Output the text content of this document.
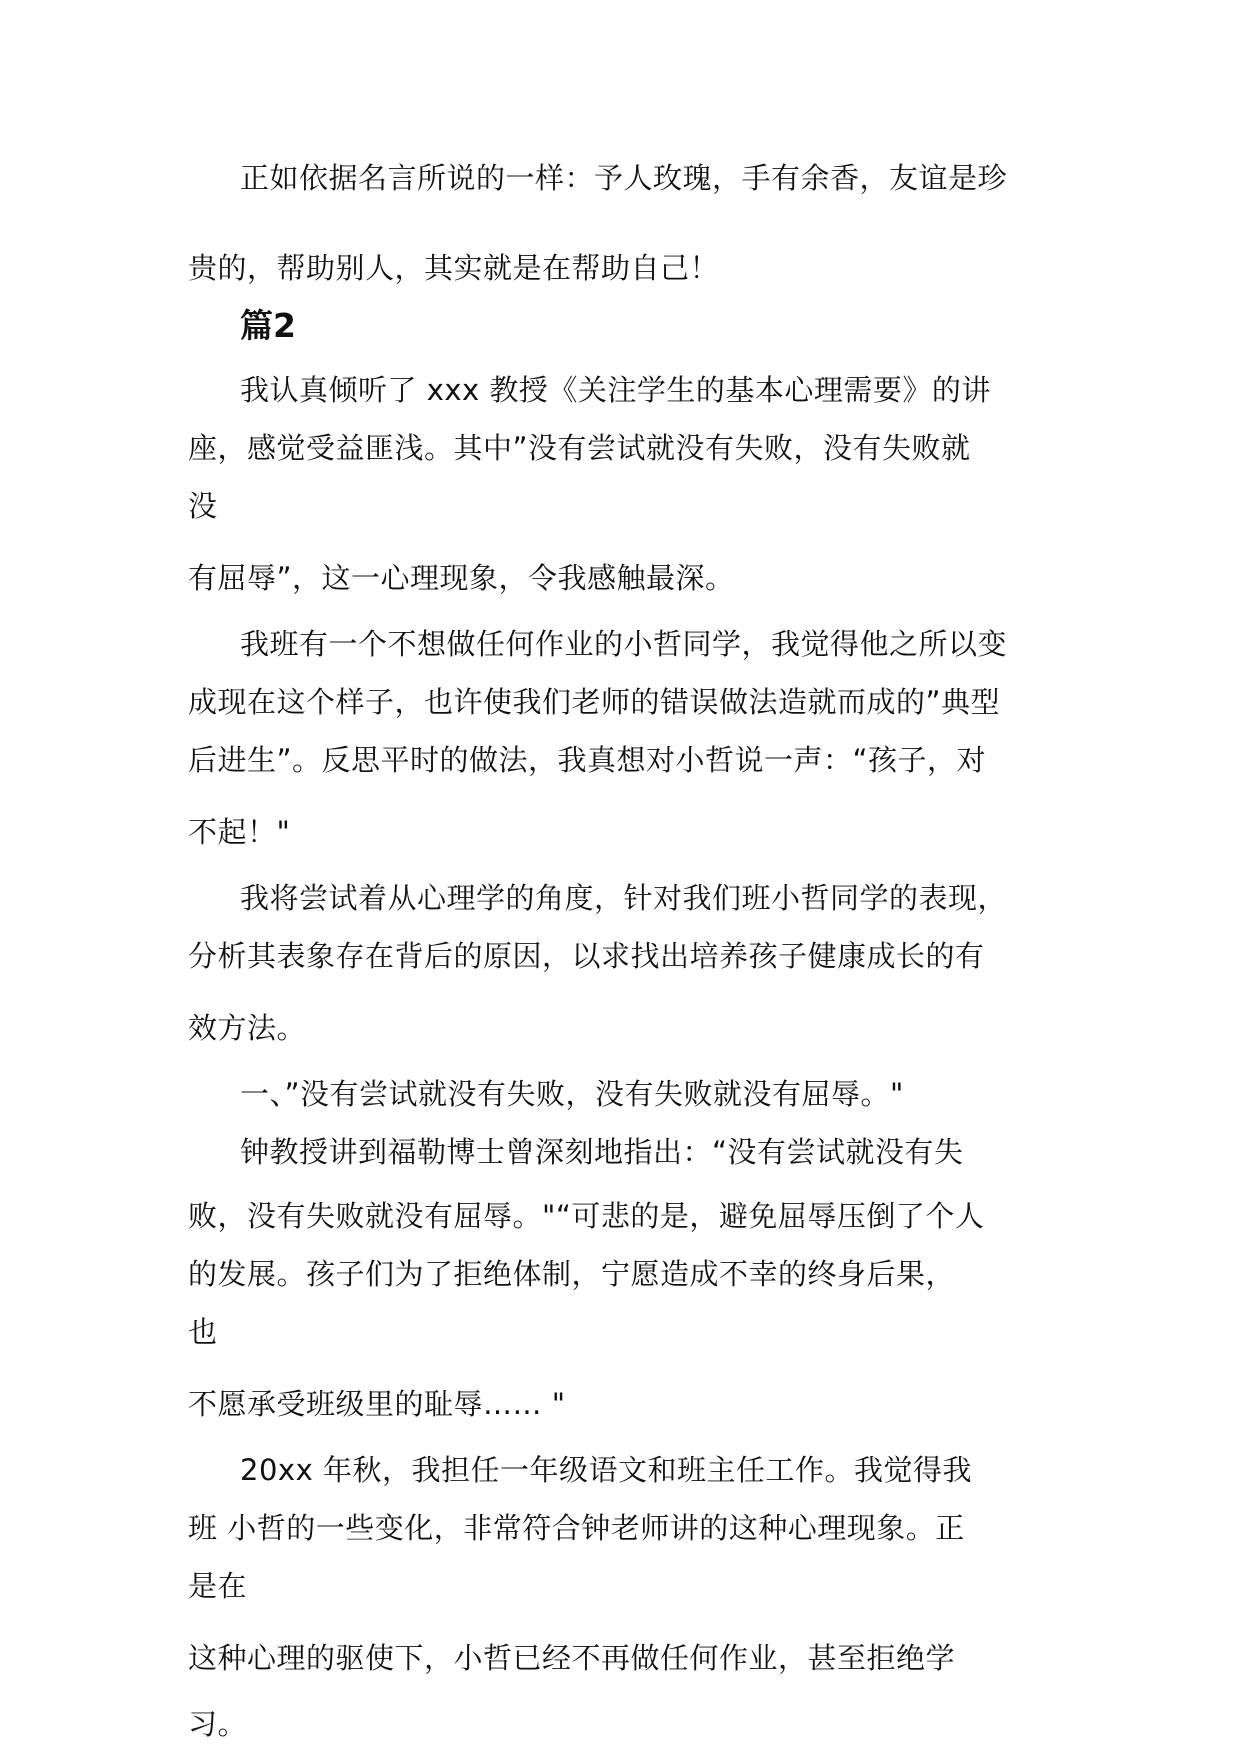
正如依据名言所说的一样：予人玫瑰，手有余香，友谊是珍
贵的，帮助别人，其实就是在帮助自己！
篇2
我认真倾听了 xxx 教授《关注学生的基本心理需要》的讲
座，感觉受益匪浅。其中”没有尝试就没有失败，没有失败就
没
有屈辱”，这一心理现象，令我感触最深。
我班有一个不想做任何作业的小哲同学，我觉得他之所以变
成现在这个样子，也许使我们老师的错误做法造就而成的”典型
后进生”。反思平时的做法，我真想对小哲说一声：“孩子，对
不起！"
我将尝试着从心理学的角度，针对我们班小哲同学的表现，
分析其表象存在背后的原因，以求找出培养孩子健康成长的有
效方法。
一、”没有尝试就没有失败，没有失败就没有屈辱。"
钟教授讲到福勒博士曾深刻地指出：“没有尝试就没有失
败，没有失败就没有屈辱。"“可悲的是，避免屈辱压倒了个人
的发展。孩子们为了拒绝体制，宁愿造成不幸的终身后果，
也
不愿承受班级里的耻辱…… "
20xx 年秋，我担任一年级语文和班主任工作。我觉得我
班 小哲的一些变化，非常符合钟老师讲的这种心理现象。正
是在
这种心理的驱使下，小哲已经不再做任何作业，甚至拒绝学
习。
